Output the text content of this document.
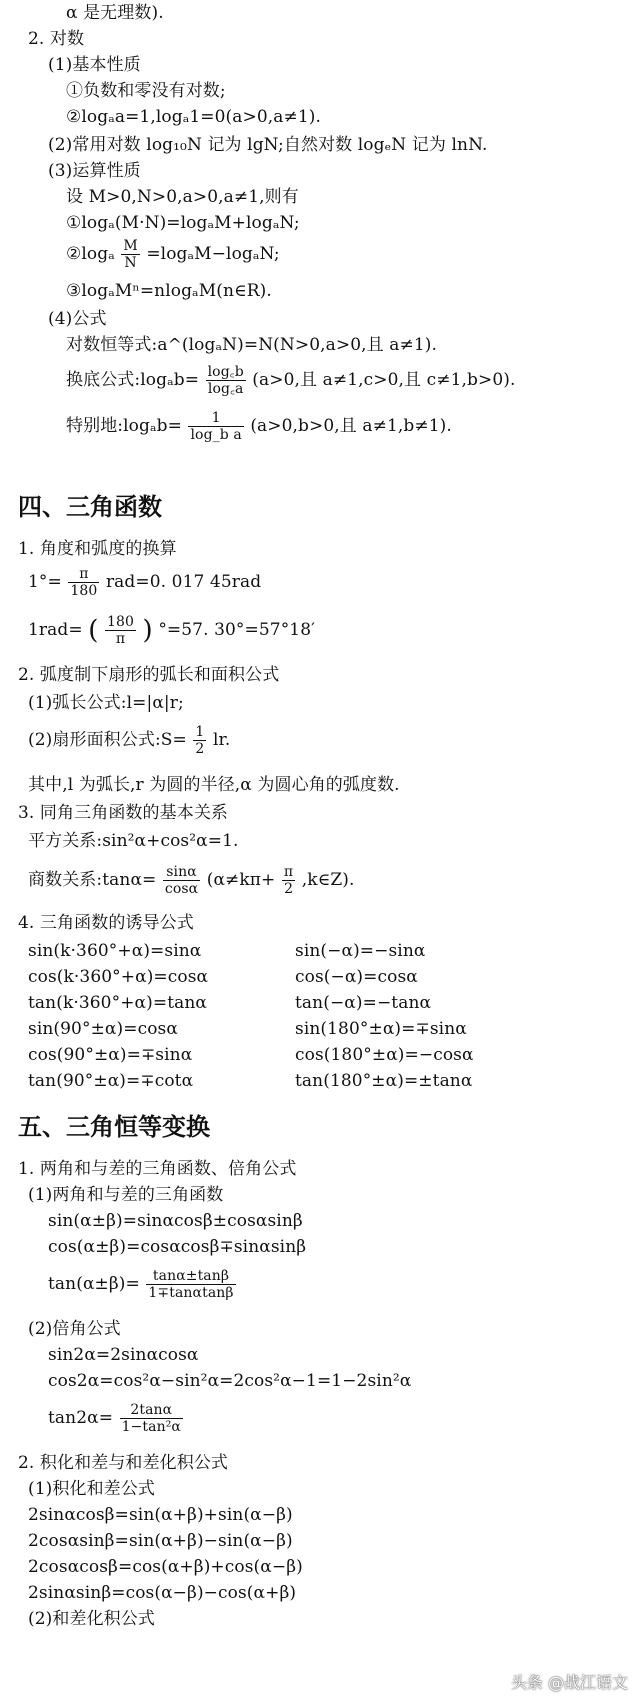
α 是无理数).
2. 对数
(1)基本性质
①负数和零没有对数;
②logₐa=1,logₐ1=0(a>0,a≠1).
(2)常用对数 log₁₀N 记为 lgN;自然对数 logₑN 记为 lnN.
(3)运算性质
设 M>0,N>0,a>0,a≠1,则有
①logₐ(M·N)=logₐM+logₐN;
②logₐ $\frac{M}{N} =\log_aM-\log_aN$;
③logₐMⁿ=nlogₐM(n∈R).
(4)公式
对数恒等式:a^(logₐN)=N(N>0,a>0,且 a≠1).
换底公式:logₐb= $\frac{\log꜀b}{\log꜀a} (a>0$,且 a≠1,c>0,且 c≠1,b>0).
特别地:logₐb= $\frac{1}{\text{log\_b a}} (a>0,b>0$,且 a≠1,b≠1).
四、三角函数
1. 角度和弧度的换算
$1^\circ= \frac{\pi}{180} rad=0$. 017 45rad
1rad= ( $\frac{180}{\pi}$ ) °=57. 30°=57°18′
2. 弧度制下扇形的弧长和面积公式
(1)弧长公式:l=|α|r;
(2)扇形面积公式:S= $\frac{1}{2}$ lr.
其中,l 为弧长,r 为圆的半径,α 为圆心角的弧度数.
3. 同角三角函数的基本关系
平方关系:sin²α+cos²α=1.
商数关系:tanα= $\frac{\sin\alpha}{\cos\alpha} (\alpha\ne k\pi+ \frac{\pi}{2}$ ,k∈Z).
4. 三角函数的诱导公式
sin(k·360°+α)=sinα	sin(−α)=−sinα
cos(k·360°+α)=cosα	cos(−α)=cosα
tan(k·360°+α)=tanα	tan(−α)=−tanα
sin(90°±α)=cosα	sin(180°±α)=∓sinα
cos(90°±α)=∓sinα	cos(180°±α)=−cosα
tan(90°±α)=∓cotα	tan(180°±α)=±tanα
五、三角恒等变换
1. 两角和与差的三角函数、倍角公式
(1)两角和与差的三角函数
sin(α±β)=sinαcosβ±cosαsinβ
cos(α±β)=cosαcosβ∓sinαsinβ
$\tan(\alpha\pm\beta)= \frac{\tan\alpha\pm\tan\beta}{1\mp\tan\alpha\tan\beta}$
(2)倍角公式
sin2α=2sinαcosα
cos2α=cos²α−sin²α=2cos²α−1=1−2sin²α
$\tan 2\alpha= \frac{2\tan\alpha}{\text{1−tan²α}}$
2. 积化和差与和差化积公式
(1)积化和差公式
2sinαcosβ=sin(α+β)+sin(α−β)
2cosαsinβ=sin(α+β)−sin(α−β)
2cosαcosβ=cos(α+β)+cos(α−β)
2sinαsinβ=cos(α−β)−cos(α+β)
(2)和差化积公式
头条 @战江语文
